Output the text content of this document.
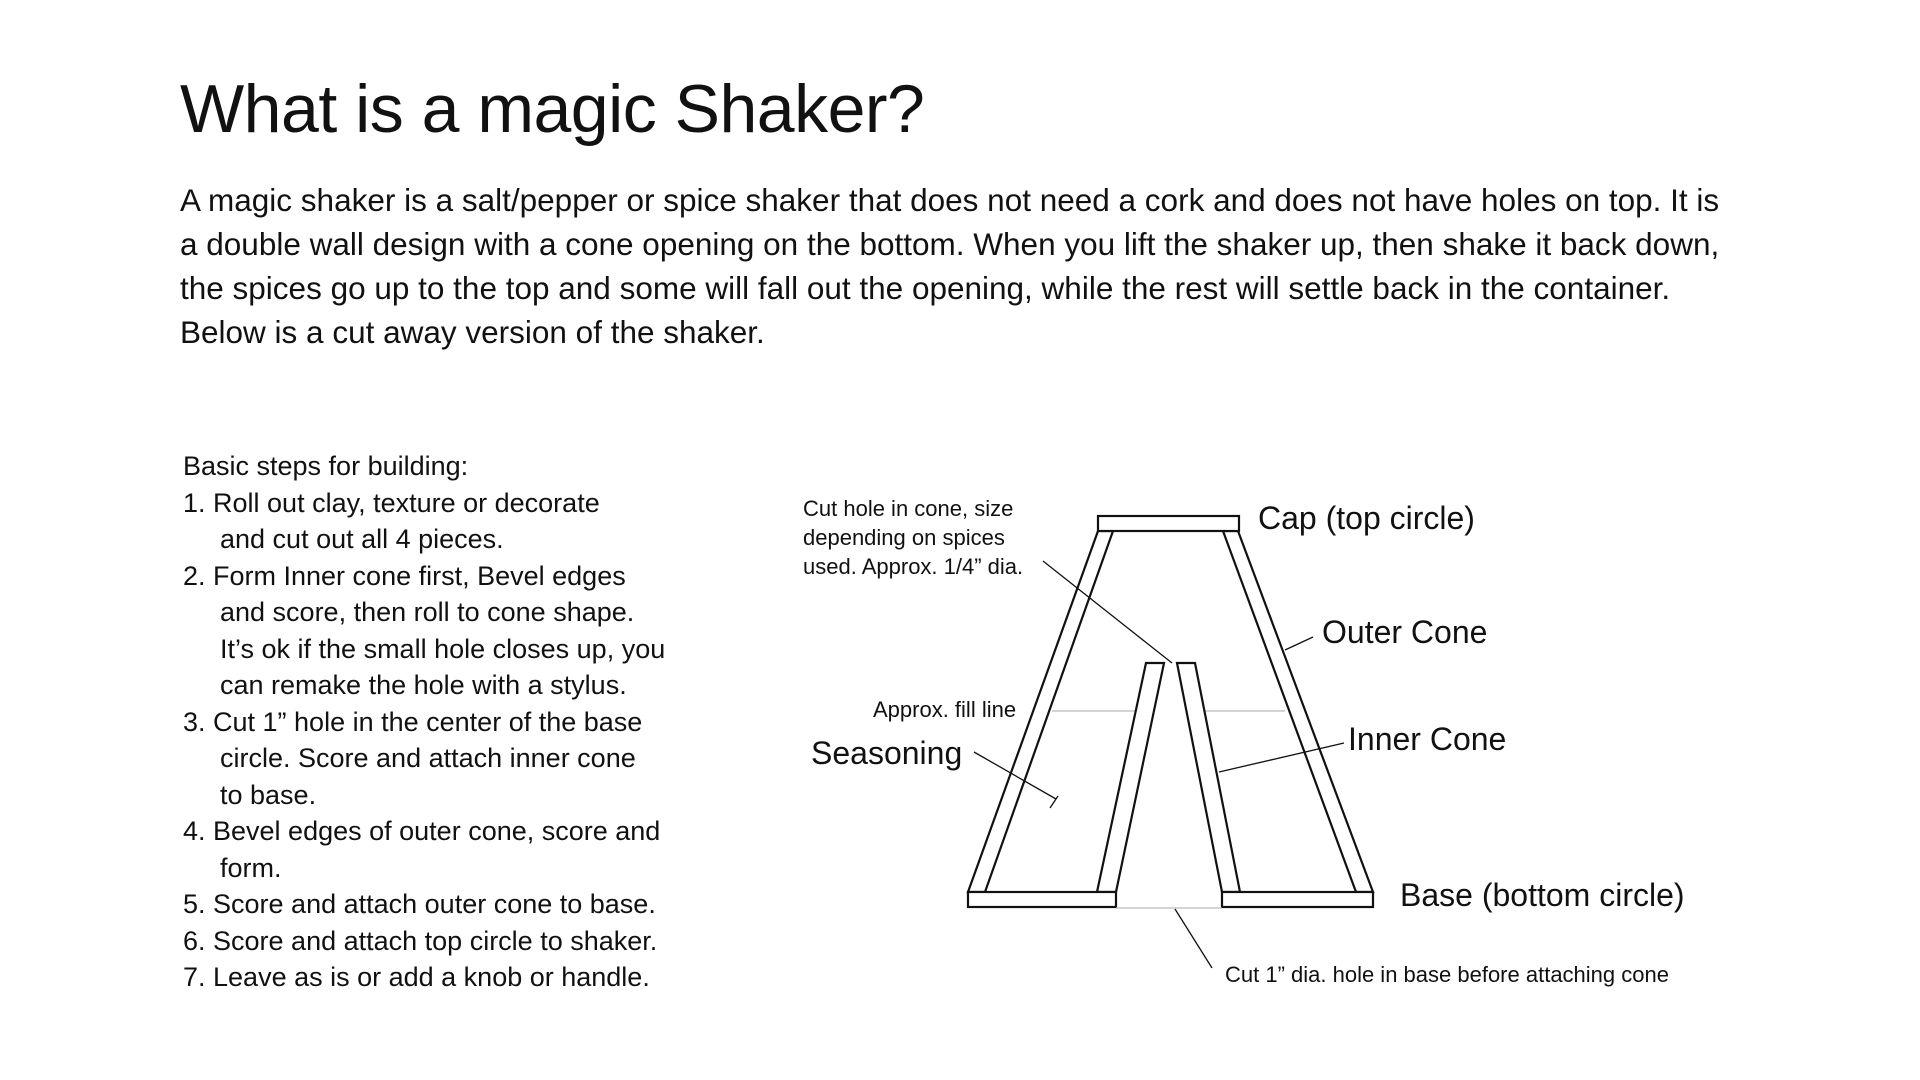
What is a magic Shaker?

A magic shaker is a salt/pepper or spice shaker that does not need a cork and does not have holes on top. It is a double wall design with a cone opening on the bottom. When you lift the shaker up, then shake it back down, the spices go up to the top and some will fall out the opening, while the rest will settle back in the container. Below is a cut away version of the shaker.

Basic steps for building:
1. Roll out clay, texture or decorate
and cut out all 4 pieces.
2. Form Inner cone first, Bevel edges
and score, then roll to cone shape.
It’s ok if the small hole closes up, you
can remake the hole with a stylus.
3. Cut 1” hole in the center of the base
circle. Score and attach inner cone
to base.
4. Bevel edges of outer cone, score and
form.
5. Score and attach outer cone to base.
6. Score and attach top circle to shaker.
7. Leave as is or add a knob or handle.
Cap (top circle)
Outer Cone
Inner Cone
Base (bottom circle)
Seasoning
Approx. fill line
Cut hole in cone, size
depending on spices
used. Approx. 1/4” dia.
Cut 1” dia. hole in base before attaching cone
